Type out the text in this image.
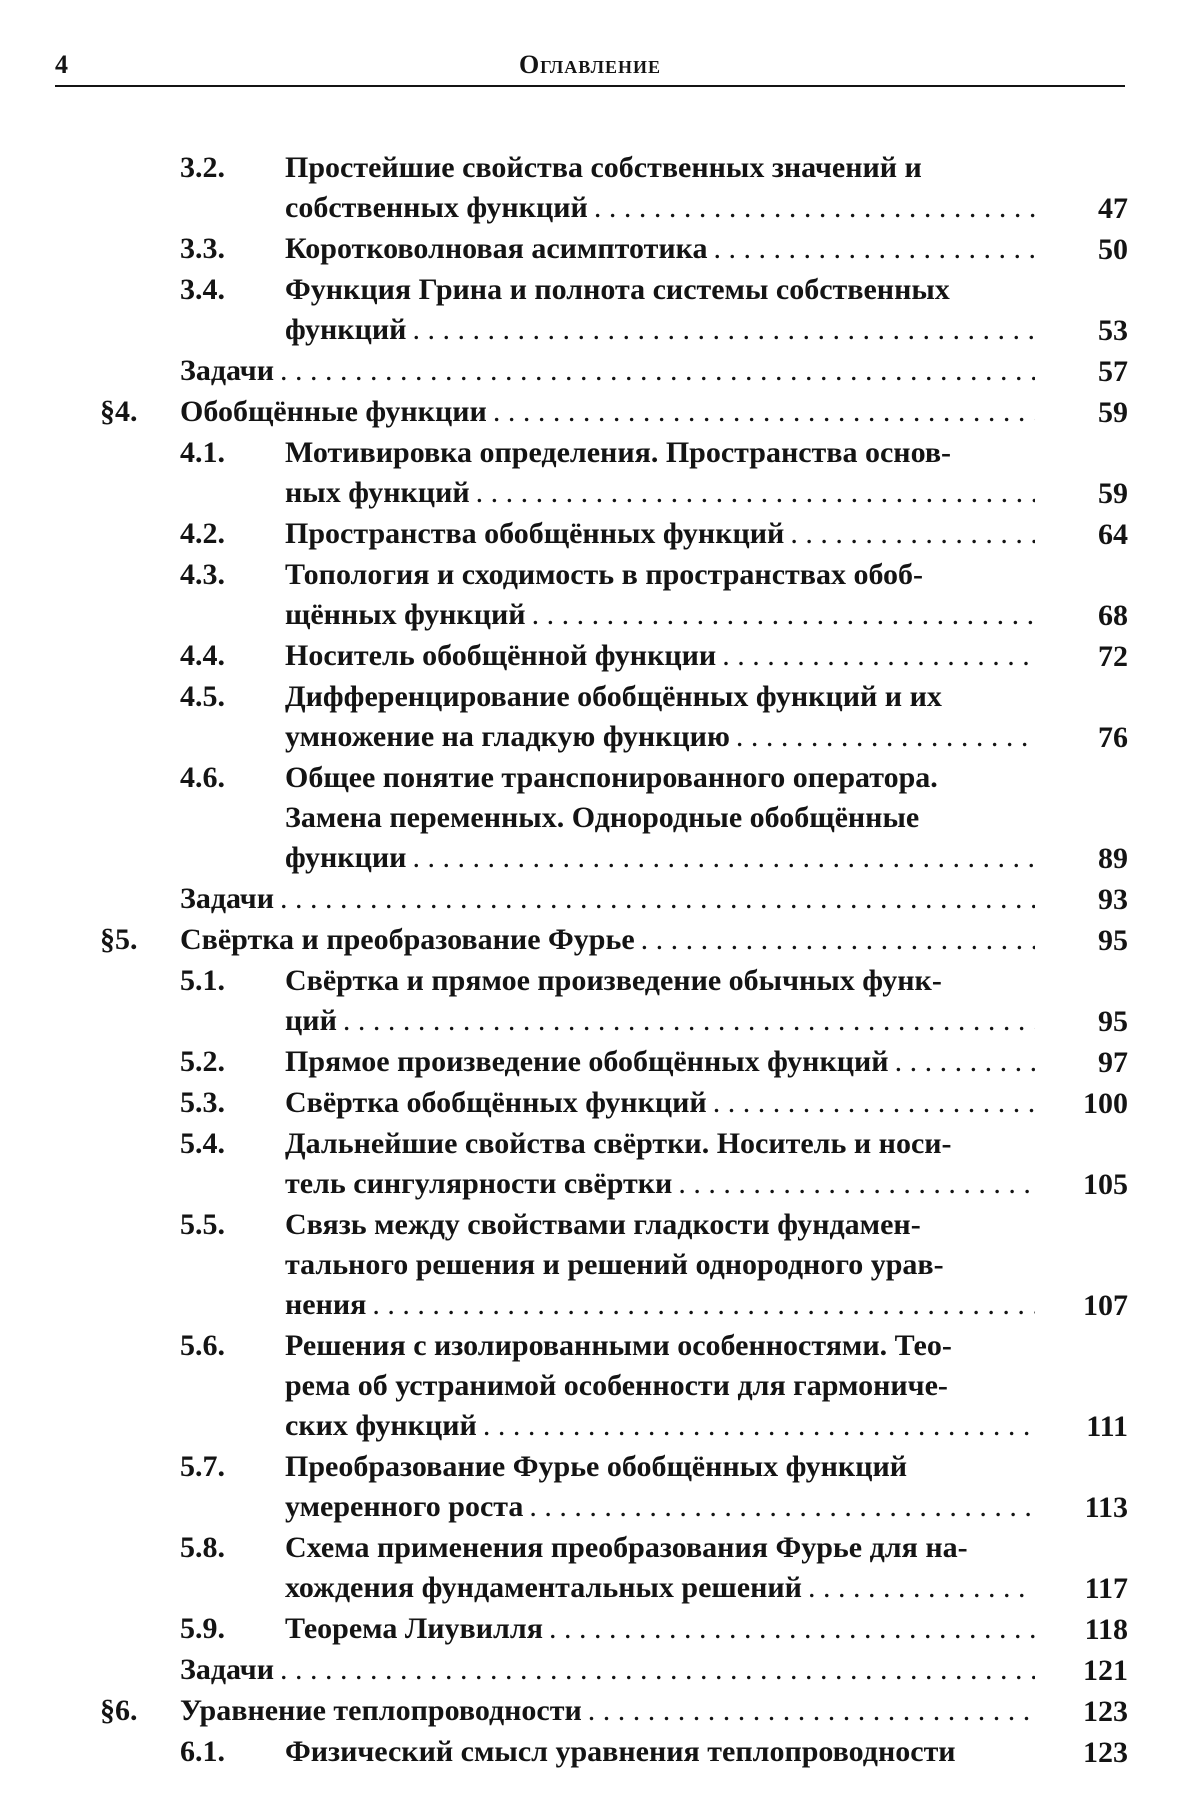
4	Оглавление
3.2. Простейшие свойства собственных значений и
собственных функций . . .	47
3.3. Коротковолновая асимптотика . . .	50
3.4. Функция Грина и полнота системы собственных
функций . . .	53
Задачи . . .	57
§4. Обобщённые функции . . .	59
4.1. Мотивировка определения. Пространства основ-
ных функций . . .	59
4.2. Пространства обобщённых функций . . .	64
4.3. Топология и сходимость в пространствах обоб-
щённых функций . . .	68
4.4. Носитель обобщённой функции . . .	72
4.5. Дифференцирование обобщённых функций и их
умножение на гладкую функцию . . .	76
4.6. Общее понятие транспонированного оператора.
Замена переменных. Однородные обобщённые
функции . . .	89
Задачи . . .	93
§5. Свёртка и преобразование Фурье . . .	95
5.1. Свёртка и прямое произведение обычных функ-
ций . . .	95
5.2. Прямое произведение обобщённых функций . . .	97
5.3. Свёртка обобщённых функций . . .	100
5.4. Дальнейшие свойства свёртки. Носитель и носи-
тель сингулярности свёртки . . .	105
5.5. Связь между свойствами гладкости фундамен-
тального решения и решений однородного урав-
нения . . .	107
5.6. Решения с изолированными особенностями. Тео-
рема об устранимой особенности для гармониче-
ских функций . . .	111
5.7. Преобразование Фурье обобщённых функций
умеренного роста . . .	113
5.8. Схема применения преобразования Фурье для на-
хождения фундаментальных решений . . .	117
5.9. Теорема Лиувилля . . .	118
Задачи . . .	121
§6. Уравнение теплопроводности . . .	123
6.1. Физический смысл уравнения теплопроводности	123
